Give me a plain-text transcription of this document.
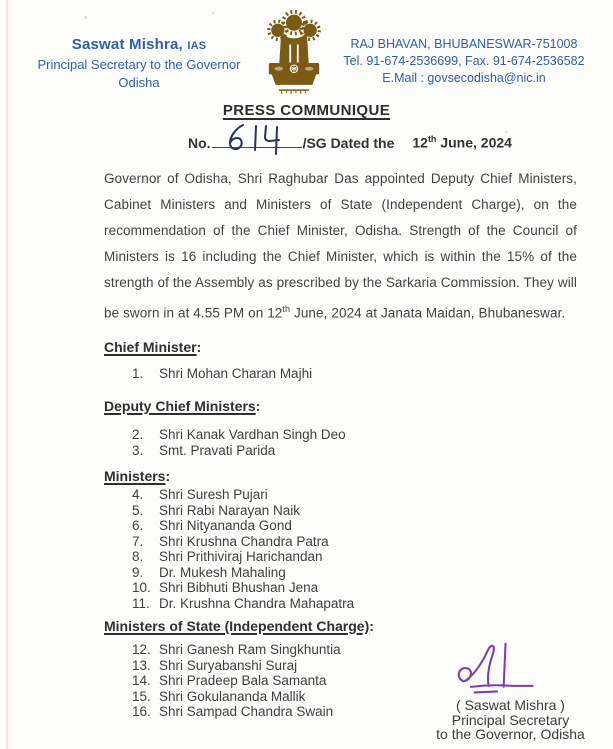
Saswat Mishra, IAS
Principal Secretary to the Governor
Odisha
RAJ BHAVAN, BHUBANESWAR-751008
Tel. 91-674-2536699, Fax. 91-674-2536582
E.Mail : govsecodisha@nic.in
PRESS COMMUNIQUE
No.	/SG Dated the 12th June, 2024

Governor of Odisha, Shri Raghubar Das appointed Deputy Chief Ministers, Cabinet Ministers and Ministers of State (Independent Charge), on the recommendation of the Chief Minister, Odisha. Strength of the Council of Ministers is 16 including the Chief Minister, which is within the 15% of the strength of the Assembly as prescribed by the Sarkaria Commission. They will be sworn in at 4.55 PM on 12th June, 2024 at Janata Maidan, Bhubaneswar.

Chief Minister:
1.	Shri Mohan Charan Majhi
Deputy Chief Ministers:
2.	Shri Kanak Vardhan Singh Deo
3.	Smt. Pravati Parida
Ministers:
4.	Shri Suresh Pujari
5.	Shri Rabi Narayan Naik
6.	Shri Nityananda Gond
7.	Shri Krushna Chandra Patra
8.	Shri Prithiviraj Harichandan
9.	Dr. Mukesh Mahaling
10. Shri Bibhuti Bhushan Jena
11. Dr. Krushna Chandra Mahapatra
Ministers of State (Independent Charge):
12. Shri Ganesh Ram Singkhuntia
13. Shri Suryabanshi Suraj
14. Shri Pradeep Bala Samanta
15. Shri Gokulananda Mallik
16. Shri Sampad Chandra Swain	( Saswat Mishra )
Principal Secretary
to the Governor, Odisha
